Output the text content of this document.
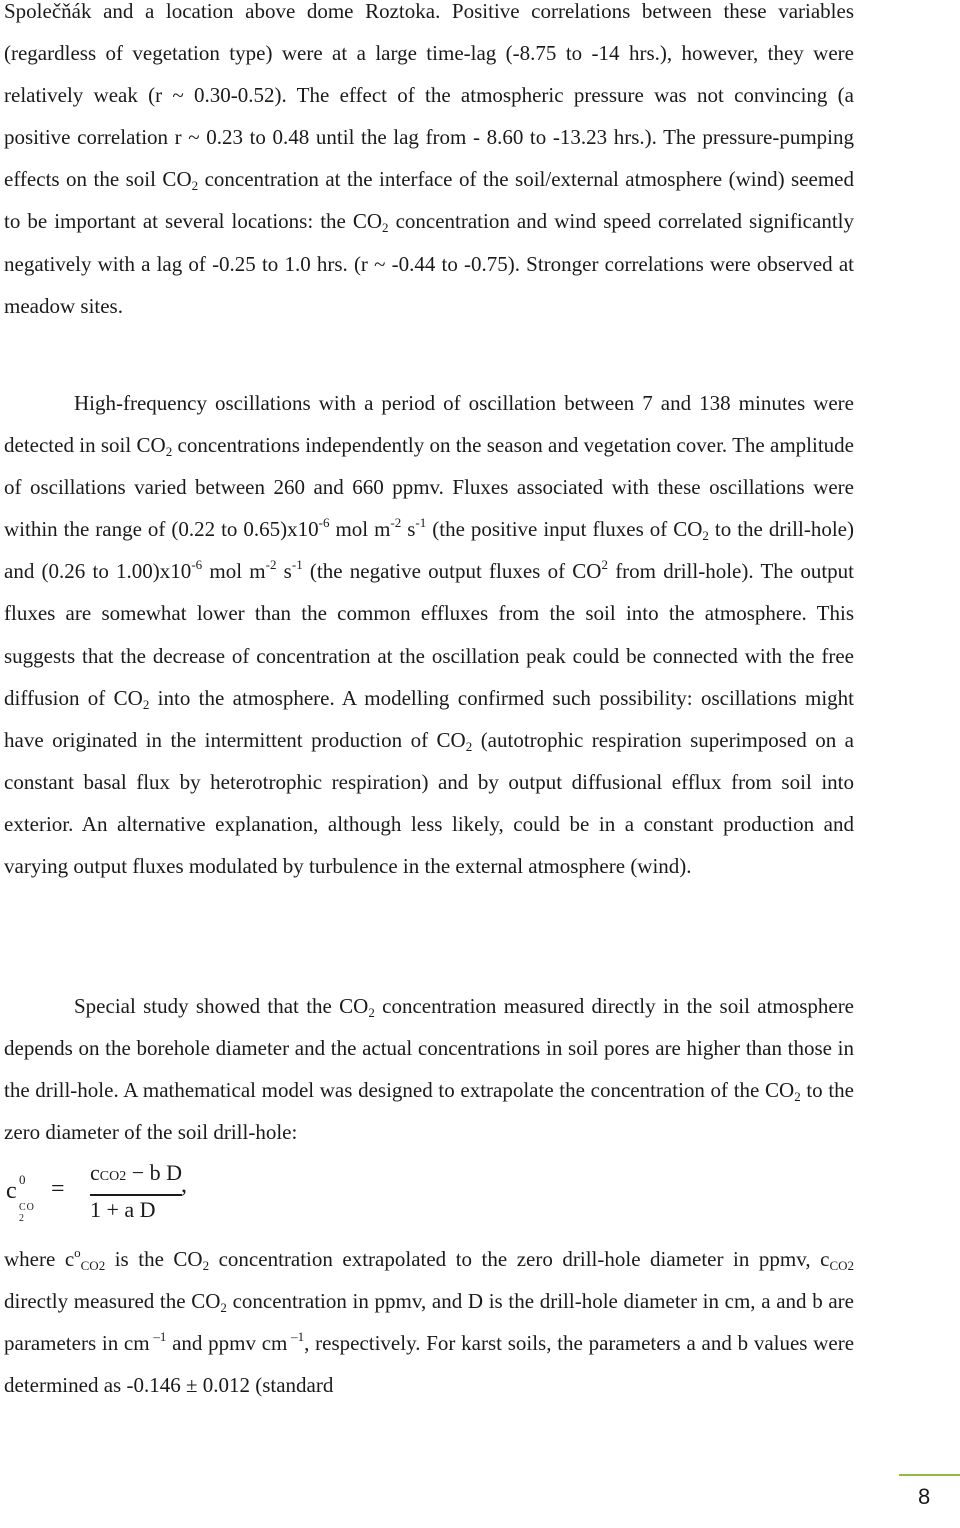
Společňák and a location above dome Roztoka. Positive correlations between these variables (regardless of vegetation type) were at a large time-lag (-8.75 to -14 hrs.), however, they were relatively weak (r ~ 0.30-0.52). The effect of the atmospheric pressure was not convincing (a positive correlation r ~ 0.23 to 0.48 until the lag from - 8.60 to -13.23 hrs.). The pressure-pumping effects on the soil $CO_2$ concentration at the interface of the soil/external atmosphere (wind) seemed to be important at several locations: the $CO_2$ concentration and wind speed correlated significantly negatively with a lag of -0.25 to 1.0 hrs. (r ~ -0.44 to -0.75). Stronger correlations were observed at meadow sites.

High-frequency oscillations with a period of oscillation between 7 and 138 minutes were detected in soil $CO_2$ concentrations independently on the season and vegetation cover. The amplitude of oscillations varied between 260 and 660 ppmv. Fluxes associated with these oscillations were within the range of (0.22 to $0.65)x10^{-6}$ mol $m^{-2}$ $s^{-1}$ (the positive input fluxes of $CO_2$ to the drill-hole) and (0.26 to $1.00)x10^{-6}$ mol $m^{-2}$ $s^{-1}$ (the negative output fluxes of $CO^2$ from drill-hole). The output fluxes are somewhat lower than the common effluxes from the soil into the atmosphere. This suggests that the decrease of concentration at the oscillation peak could be connected with the free diffusion of $CO_2$ into the atmosphere. A modelling confirmed such possibility: oscillations might have originated in the intermittent production of $CO_2$ (autotrophic respiration superimposed on a constant basal flux by heterotrophic respiration) and by output diffusional efflux from soil into exterior. An alternative explanation, although less likely, could be in a constant production and varying output fluxes modulated by turbulence in the external atmosphere (wind).

Special study showed that the $CO_2$ concentration measured directly in the soil atmosphere depends on the borehole diameter and the actual concentrations in soil pores are higher than those in the drill-hole. A mathematical model was designed to extrapolate the concentration of the $CO_2$ to the zero diameter of the soil drill-hole:

c 0
CO 2
=
cCO2 − b D
1 + a D
,

where $c^o_{CO2}$ is the $CO_2$ concentration extrapolated to the zero drill-hole diameter in ppmv, $c_{CO2}$ directly measured the $CO_2$ concentration in ppmv, and D is the drill-hole diameter in cm, a and b are parameters in cm $^{-1}$ and ppmv cm $^{-1}$, respectively. For karst soils, the parameters a and b values were determined as -0.146 ± 0.012 (standard

8
